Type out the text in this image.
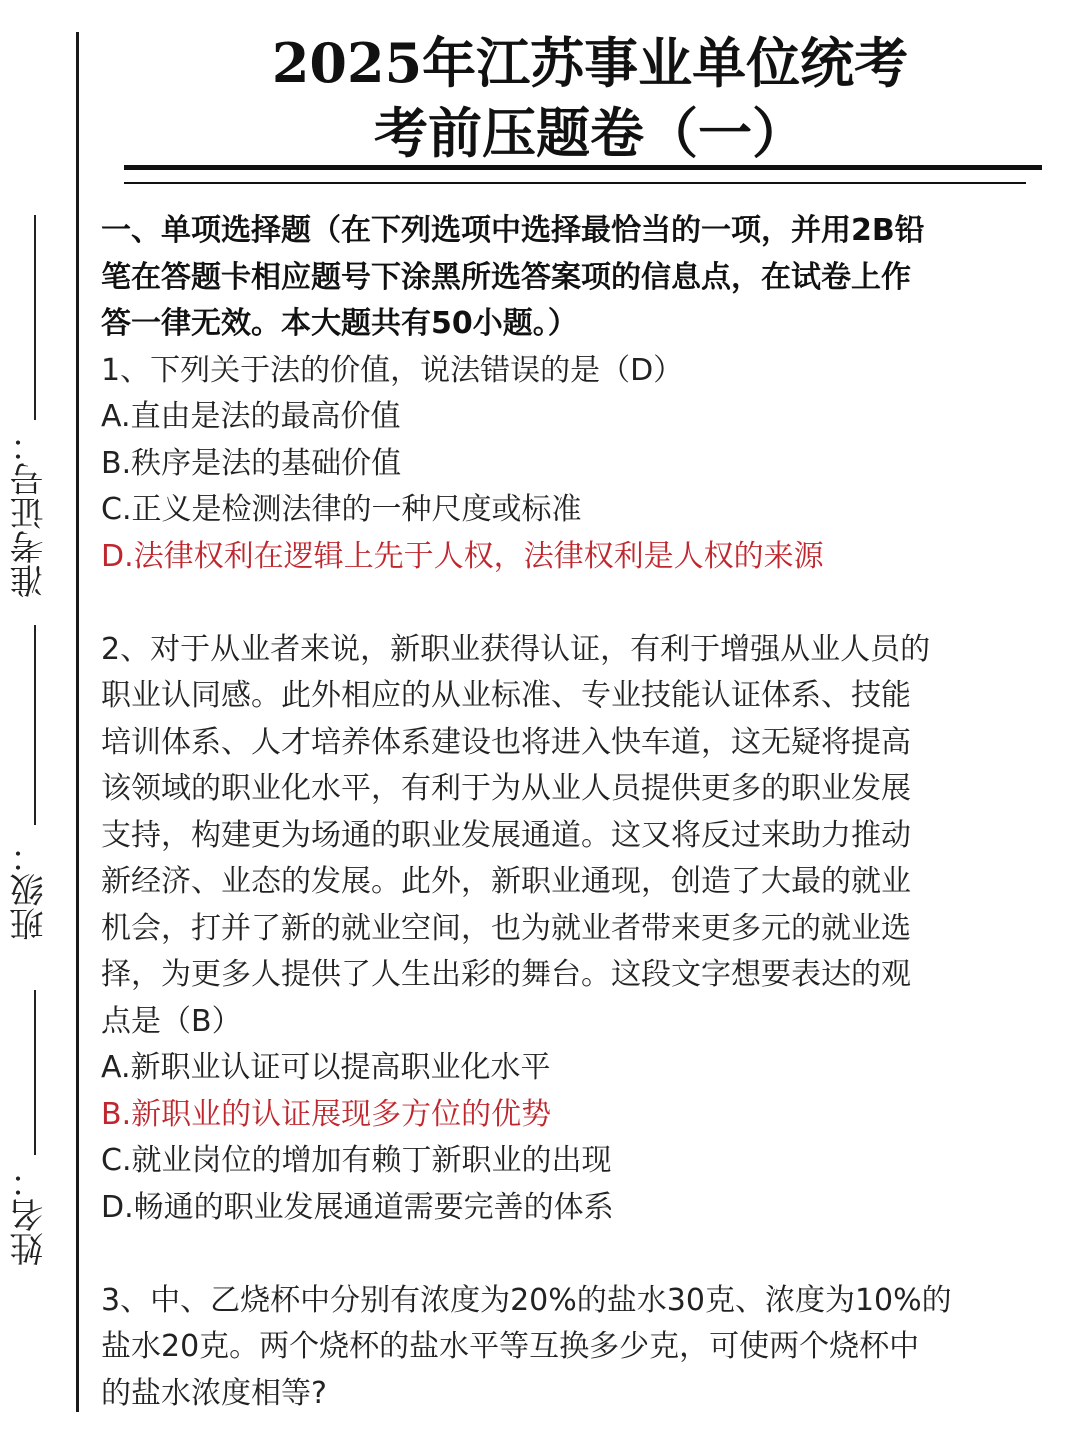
准考证号：
班级：
姓名：
2025年江苏事业单位统考
考前压题卷（一）
一、单项选择题（在下列选项中选择最恰当的一项，并用2B铅
笔在答题卡相应题号下涂黑所选答案项的信息点，在试卷上作
答一律无效。本大题共有50小题。）
1、下列关于法的价值，说法错误的是（D）
A.直由是法的最高价值
B.秩序是法的基础价值
C.正义是检测法律的一种尺度或标准
D.法律权利在逻辑上先于人权，法律权利是人权的来源
2、对于从业者来说，新职业获得认证，有利于增强从业人员的
职业认同感。此外相应的从业标准、专业技能认证体系、技能
培训体系、人才培养体系建设也将进入快车道，这无疑将提高
该领域的职业化水平，有利于为从业人员提供更多的职业发展
支持，构建更为场通的职业发展通道。这又将反过来助力推动
新经济、业态的发展。此外，新职业通现，创造了大最的就业
机会，打并了新的就业空间，也为就业者带来更多元的就业选
择，为更多人提供了人生出彩的舞台。这段文字想要表达的观
点是（B）
A.新职业认证可以提高职业化水平
B.新职业的认证展现多方位的优势
C.就业岗位的增加有赖丁新职业的出现
D.畅通的职业发展通道需要完善的体系
3、中、乙烧杯中分别有浓度为20%的盐水30克、浓度为10%的
盐水20克。两个烧杯的盐水平等互换多少克，可使两个烧杯中
的盐水浓度相等?
